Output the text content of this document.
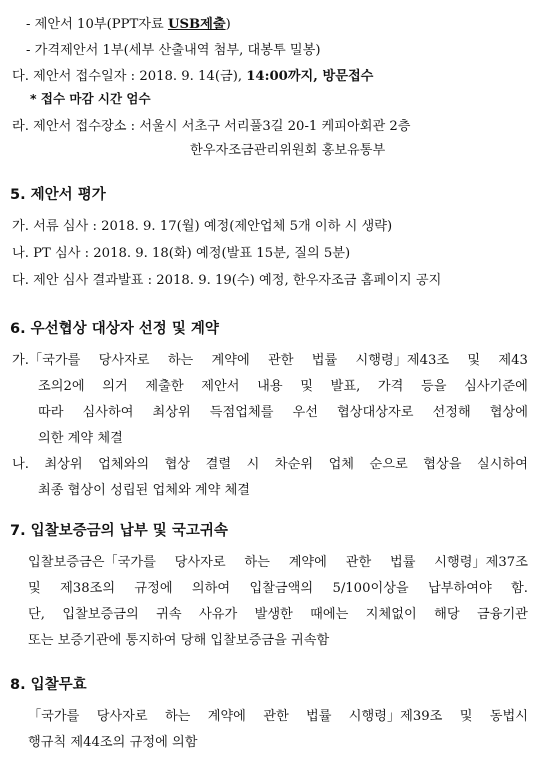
- 제안서 10부(PPT자료 USB제출)
- 가격제안서 1부(세부 산출내역 첨부, 대봉투 밀봉)
다. 제안서 접수일자 : 2018. 9. 14(금), 14:00까지, 방문접수
* 접수 마감 시간 엄수
라. 제안서 접수장소 : 서울시 서초구 서리풀3길 20-1 케피아회관 2층
한우자조금관리위원회 홍보유통부
5. 제안서 평가
가. 서류 심사 : 2018. 9. 17(월) 예정(제안업체 5개 이하 시 생략)
나. PT 심사 : 2018. 9. 18(화) 예정(발표 15분, 질의 5분)
다. 제안 심사 결과발표 : 2018. 9. 19(수) 예정, 한우자조금 홈페이지 공지
6. 우선협상 대상자 선정 및 계약
가.「국가를 당사자로 하는 계약에 관한 법률 시행령」제43조 및 제43
조의2에 의거 제출한 제안서 내용 및 발표, 가격 등을 심사기준에
따라 심사하여 최상위 득점업체를 우선 협상대상자로 선정해 협상에
의한 계약 체결
나. 최상위 업체와의 협상 결렬 시 차순위 업체 순으로 협상을 실시하여
최종 협상이 성립된 업체와 계약 체결
7. 입찰보증금의 납부 및 국고귀속
입찰보증금은「국가를 당사자로 하는 계약에 관한 법률 시행령」제37조
및 제38조의 규정에 의하여 입찰금액의 5/100이상을 납부하여야 함.
단, 입찰보증금의 귀속 사유가 발생한 때에는 지체없이 해당 금융기관
또는 보증기관에 통지하여 당해 입찰보증금을 귀속함
8. 입찰무효
「국가를 당사자로 하는 계약에 관한 법률 시행령」제39조 및 동법시
행규칙 제44조의 규정에 의함
